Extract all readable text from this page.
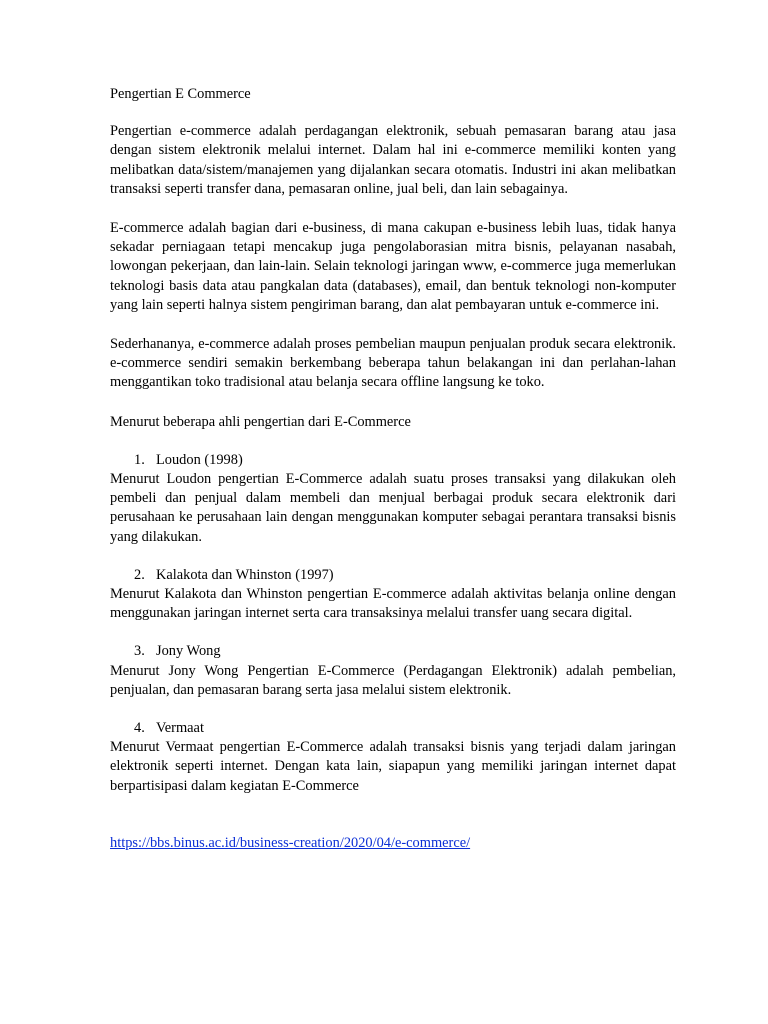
Pengertian E Commerce

Pengertian e-commerce adalah perdagangan elektronik, sebuah pemasaran barang atau jasa dengan sistem elektronik melalui internet. Dalam hal ini e-commerce memiliki konten yang melibatkan data/sistem/manajemen yang dijalankan secara otomatis. Industri ini akan melibatkan transaksi seperti transfer dana, pemasaran online, jual beli, dan lain sebagainya.

E-commerce adalah bagian dari e-business, di mana cakupan e-business lebih luas, tidak hanya sekadar perniagaan tetapi mencakup juga pengolaborasian mitra bisnis, pelayanan nasabah, lowongan pekerjaan, dan lain-lain. Selain teknologi jaringan www, e-commerce juga memerlukan teknologi basis data atau pangkalan data (databases), email, dan bentuk teknologi non-komputer yang lain seperti halnya sistem pengiriman barang, dan alat pembayaran untuk e-commerce ini.

Sederhananya, e-commerce adalah proses pembelian maupun penjualan produk secara elektronik. e-commerce sendiri semakin berkembang beberapa tahun belakangan ini dan perlahan-lahan menggantikan toko tradisional atau belanja secara offline langsung ke toko.

Menurut beberapa ahli pengertian dari E-Commerce

1. Loudon (1998)

Menurut Loudon pengertian E-Commerce adalah suatu proses transaksi yang dilakukan oleh pembeli dan penjual dalam membeli dan menjual berbagai produk secara elektronik dari perusahaan ke perusahaan lain dengan menggunakan komputer sebagai perantara transaksi bisnis yang dilakukan.

2. Kalakota dan Whinston (1997)

Menurut Kalakota dan Whinston pengertian E-commerce adalah aktivitas belanja online dengan menggunakan jaringan internet serta cara transaksinya melalui transfer uang secara digital.

3. Jony Wong

Menurut Jony Wong Pengertian E-Commerce (Perdagangan Elektronik) adalah pembelian, penjualan, dan pemasaran barang serta jasa melalui sistem elektronik.

4. Vermaat

Menurut Vermaat pengertian E-Commerce adalah transaksi bisnis yang terjadi dalam jaringan elektronik seperti internet. Dengan kata lain, siapapun yang memiliki jaringan internet dapat berpartisipasi dalam kegiatan E-Commerce

https://bbs.binus.ac.id/business-creation/2020/04/e-commerce/
